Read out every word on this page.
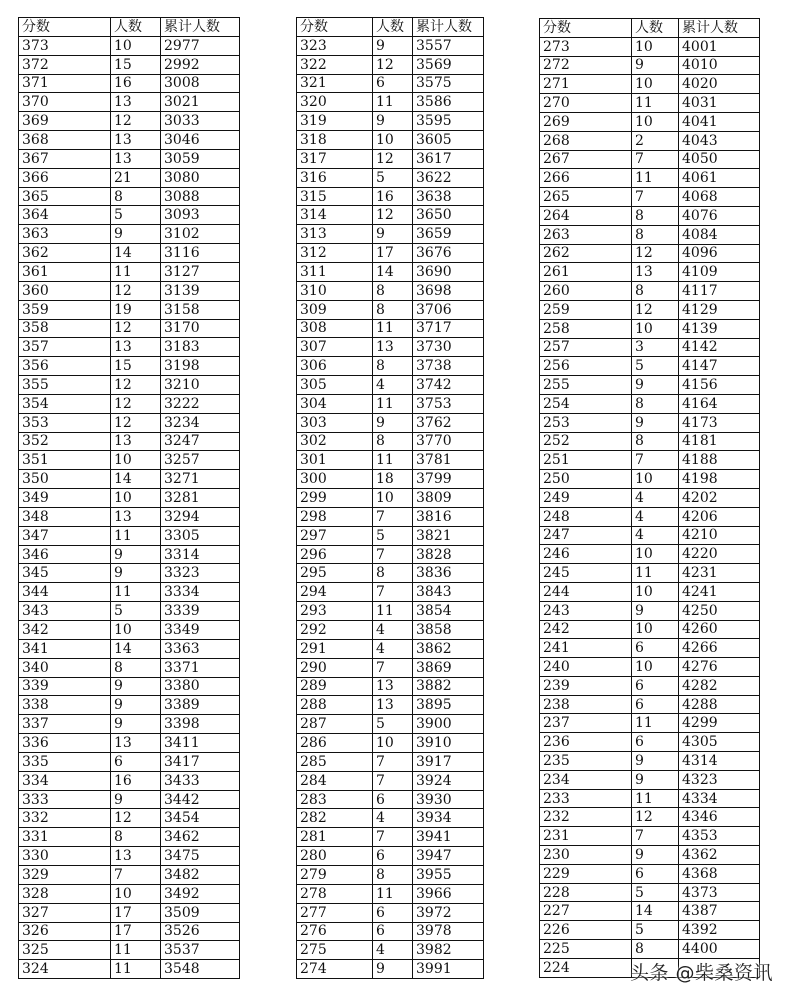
分数	人数	累计人数
373	10	2977
372	15	2992
371	16	3008
370	13	3021
369	12	3033
368	13	3046
367	13	3059
366	21	3080
365	8	3088
364	5	3093
363	9	3102
362	14	3116
361	11	3127
360	12	3139
359	19	3158
358	12	3170
357	13	3183
356	15	3198
355	12	3210
354	12	3222
353	12	3234
352	13	3247
351	10	3257
350	14	3271
349	10	3281
348	13	3294
347	11	3305
346	9	3314
345	9	3323
344	11	3334
343	5	3339
342	10	3349
341	14	3363
340	8	3371
339	9	3380
338	9	3389
337	9	3398
336	13	3411
335	6	3417
334	16	3433
333	9	3442
332	12	3454
331	8	3462
330	13	3475
329	7	3482
328	10	3492
327	17	3509
326	17	3526
325	11	3537
324	11	3548
分数	人数	累计人数
323	9	3557
322	12	3569
321	6	3575
320	11	3586
319	9	3595
318	10	3605
317	12	3617
316	5	3622
315	16	3638
314	12	3650
313	9	3659
312	17	3676
311	14	3690
310	8	3698
309	8	3706
308	11	3717
307	13	3730
306	8	3738
305	4	3742
304	11	3753
303	9	3762
302	8	3770
301	11	3781
300	18	3799
299	10	3809
298	7	3816
297	5	3821
296	7	3828
295	8	3836
294	7	3843
293	11	3854
292	4	3858
291	4	3862
290	7	3869
289	13	3882
288	13	3895
287	5	3900
286	10	3910
285	7	3917
284	7	3924
283	6	3930
282	4	3934
281	7	3941
280	6	3947
279	8	3955
278	11	3966
277	6	3972
276	6	3978
275	4	3982
274	9	3991
分数	人数	累计人数
273	10	4001
272	9	4010
271	10	4020
270	11	4031
269	10	4041
268	2	4043
267	7	4050
266	11	4061
265	7	4068
264	8	4076
263	8	4084
262	12	4096
261	13	4109
260	8	4117
259	12	4129
258	10	4139
257	3	4142
256	5	4147
255	9	4156
254	8	4164
253	9	4173
252	8	4181
251	7	4188
250	10	4198
249	4	4202
248	4	4206
247	4	4210
246	10	4220
245	11	4231
244	10	4241
243	9	4250
242	10	4260
241	6	4266
240	10	4276
239	6	4282
238	6	4288
237	11	4299
236	6	4305
235	9	4314
234	9	4323
233	11	4334
232	12	4346
231	7	4353
230	9	4362
229	6	4368
228	5	4373
227	14	4387
226	5	4392
225	8	4400
224			头条 @柴桑资讯
